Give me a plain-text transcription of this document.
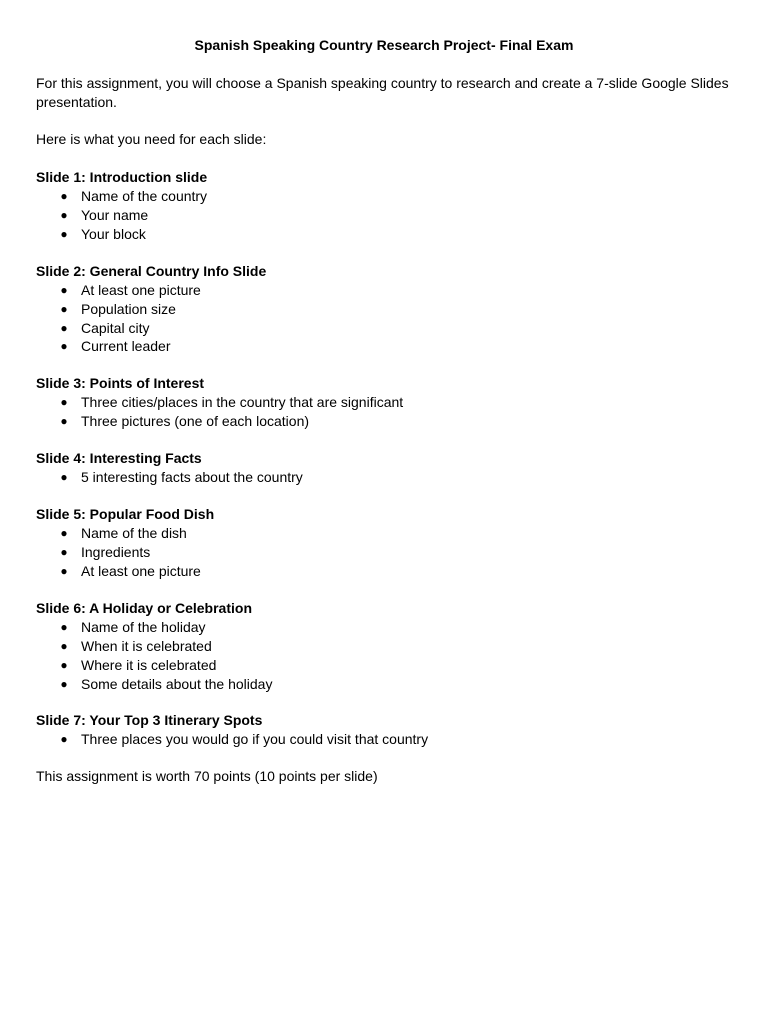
Spanish Speaking Country Research Project- Final Exam

For this assignment, you will choose a Spanish speaking country to research and create a 7-slide Google Slides presentation.

Here is what you need for each slide:

Slide 1: Introduction slide
● Name of the country
● Your name
● Your block
Slide 2: General Country Info Slide
● At least one picture
● Population size
● Capital city
● Current leader
Slide 3: Points of Interest
● Three cities/places in the country that are significant
● Three pictures (one of each location)
Slide 4: Interesting Facts
● 5 interesting facts about the country
Slide 5: Popular Food Dish
● Name of the dish
● Ingredients
● At least one picture
Slide 6: A Holiday or Celebration
● Name of the holiday
● When it is celebrated
● Where it is celebrated
● Some details about the holiday
Slide 7: Your Top 3 Itinerary Spots
● Three places you would go if you could visit that country

This assignment is worth 70 points (10 points per slide)
